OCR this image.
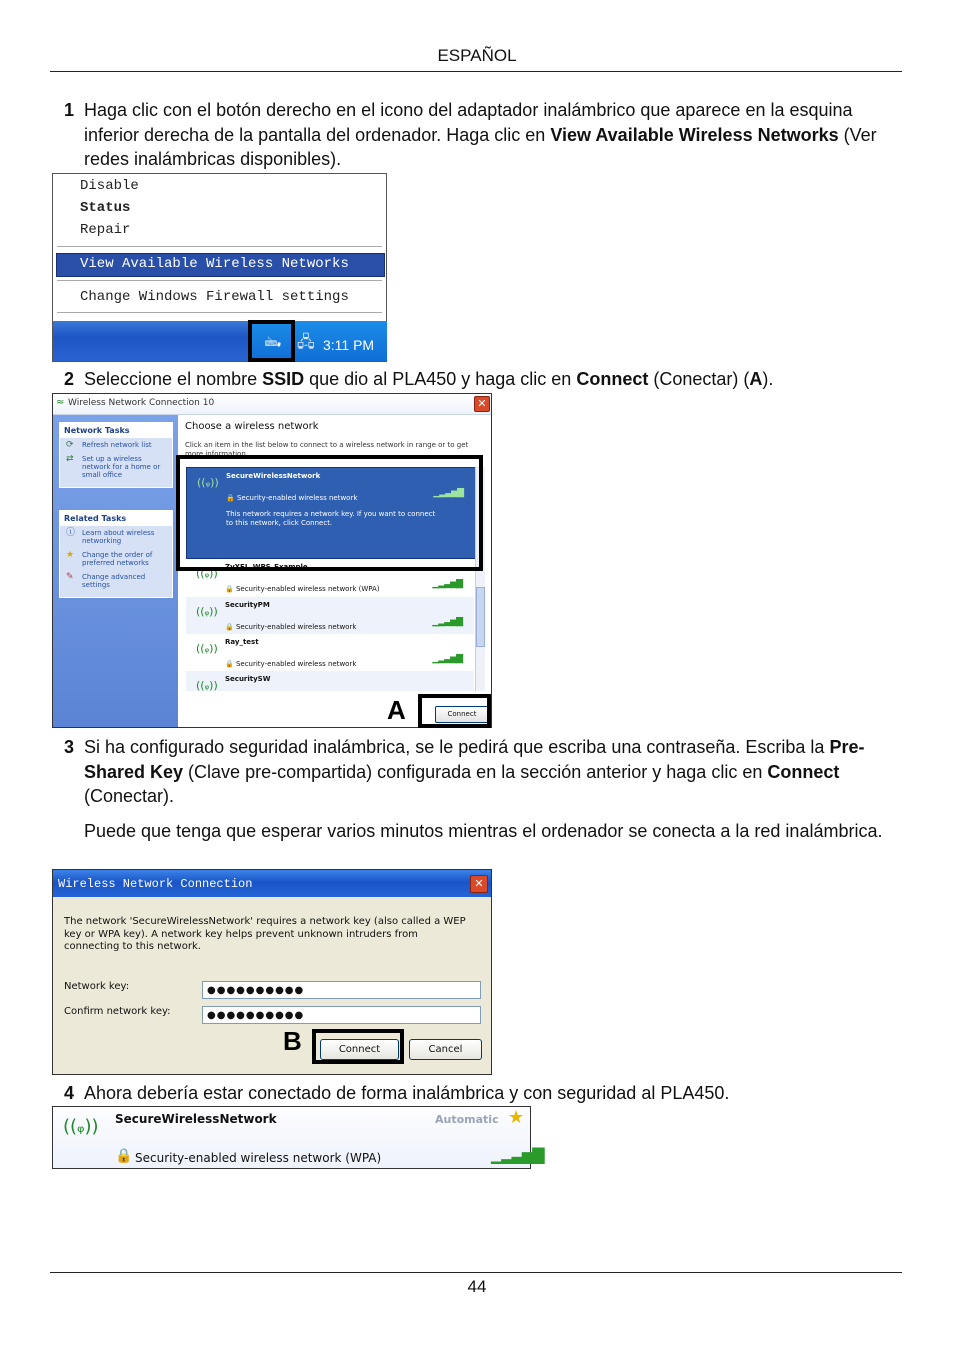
ESPAÑOL
1 Haga clic con el botón derecho en el icono del adaptador inalámbrico que aparece en la esquina inferior derecha de la pantalla del ordenador. Haga clic en View Available Wireless Networks (Ver redes inalámbricas disponibles).
Disable
Status
Repair
View Available Wireless Networks
Change Windows Firewall settings
🖦 🖧 3:11 PM
2 Seleccione el nombre SSID que dio al PLA450 y haga clic en Connect (Conectar) (A).
≈ Wireless Network Connection 10	✕
Network Tasks
⟳ Refresh network list
⇄ Set up a wireless network for a home or small office
Related Tasks
ⓘ Learn about wireless networking
★ Change the order of preferred networks
✎ Change advanced settings
Choose a wireless network
Click an item in the list below to connect to a wireless network in range or to get more information.
((ᵩ)) SecureWirelessNetwork
🔒 Security-enabled wireless network	▁▂▃▅▇
This network requires a network key. If you want to connect to this network, click Connect.
((ᵩ)) ZyXEL_WPS_Example
🔒 Security-enabled wireless network (WPA)	▁▂▃▅▇
((ᵩ)) SecurityPM
🔒 Security-enabled wireless network	▁▂▃▅▇
((ᵩ)) Ray_test
🔒 Security-enabled wireless network	▁▂▃▅▇
((ᵩ)) SecuritySW
Connect
A
3 Si ha configurado seguridad inalámbrica, se le pedirá que escriba una contraseña. Escriba la Pre-Shared Key (Clave pre-compartida) configurada en la sección anterior y haga clic en Connect (Conectar).
Puede que tenga que esperar varios minutos mientras el ordenador se conecta a la red inalámbrica.
Wireless Network Connection	✕
The network 'SecureWirelessNetwork' requires a network key (also called a WEP key or WPA key). A network key helps prevent unknown intruders from connecting to this network.
Network key:	●●●●●●●●●●
Confirm network key:	●●●●●●●●●●
Connect	Cancel
B
4 Ahora debería estar conectado de forma inalámbrica y con seguridad al PLA450.
((ᵩ)) SecureWirelessNetwork	Automatic ★
🔒 Security-enabled wireless network (WPA)	▁▂▃▅▇
44
